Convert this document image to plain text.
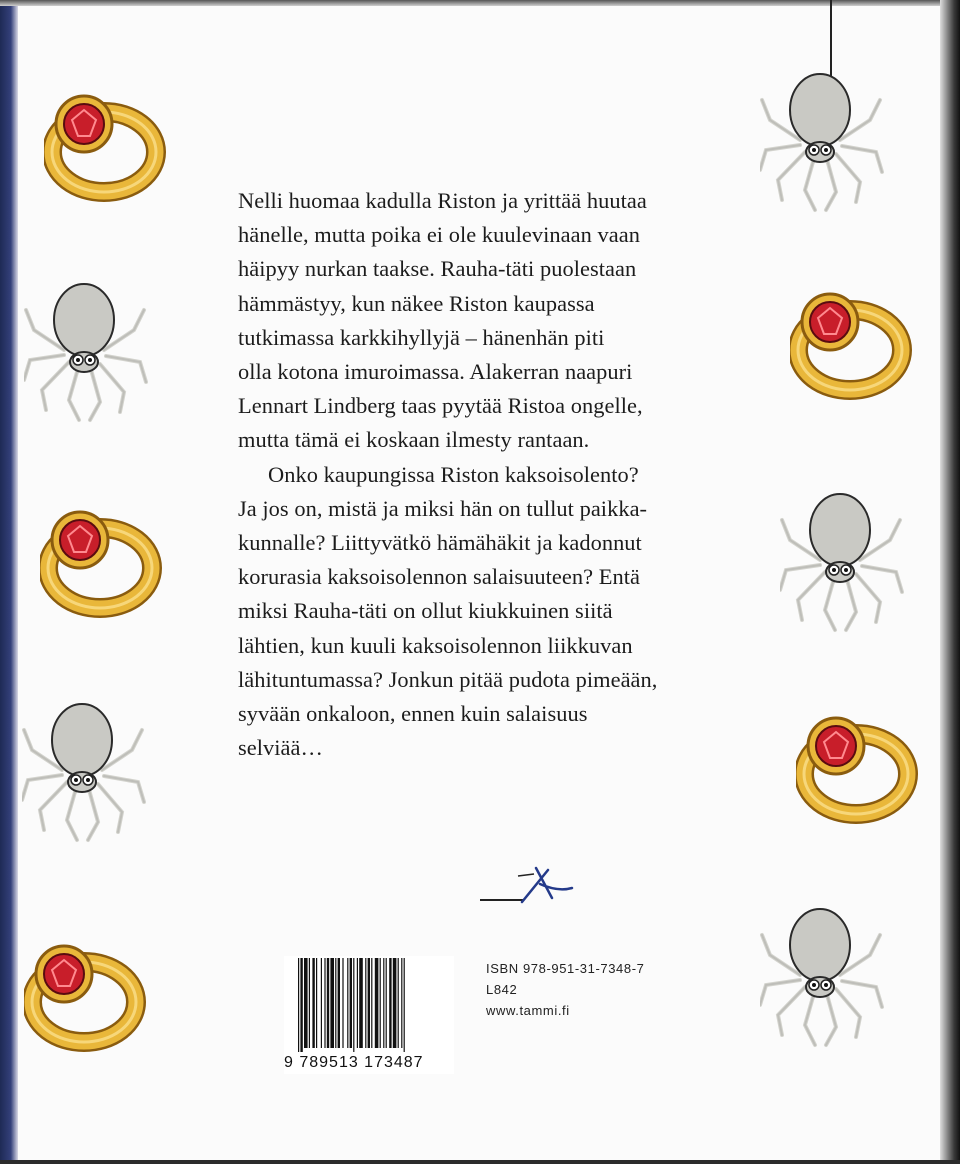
Nelli huomaa kadulla Riston ja yrittää huutaa
hänelle, mutta poika ei ole kuulevinaan vaan
häipyy nurkan taakse. Rauha-täti puolestaan
hämmästyy, kun näkee Riston kaupassa
tutkimassa karkkihyllyjä – hänenhän piti
olla kotona imuroimassa. Alakerran naapuri
Lennart Lindberg taas pyytää Ristoa ongelle,
mutta tämä ei koskaan ilmesty rantaan.

Onko kaupungissa Riston kaksoisolento?
Ja jos on, mistä ja miksi hän on tullut paikka-
kunnalle? Liittyvätkö hämähäkit ja kadonnut
korurasia kaksoisolennon salaisuuteen? Entä
miksi Rauha-täti on ollut kiukkuinen siitä
lähtien, kun kuuli kaksoisolennon liikkuvan
lähituntumassa? Jonkun pitää pudota pimeään,
syvään onkaloon, ennen kuin salaisuus
selviää…

9 789513 173487
ISBN 978-951-31-7348-7
L842
www.tammi.fi
